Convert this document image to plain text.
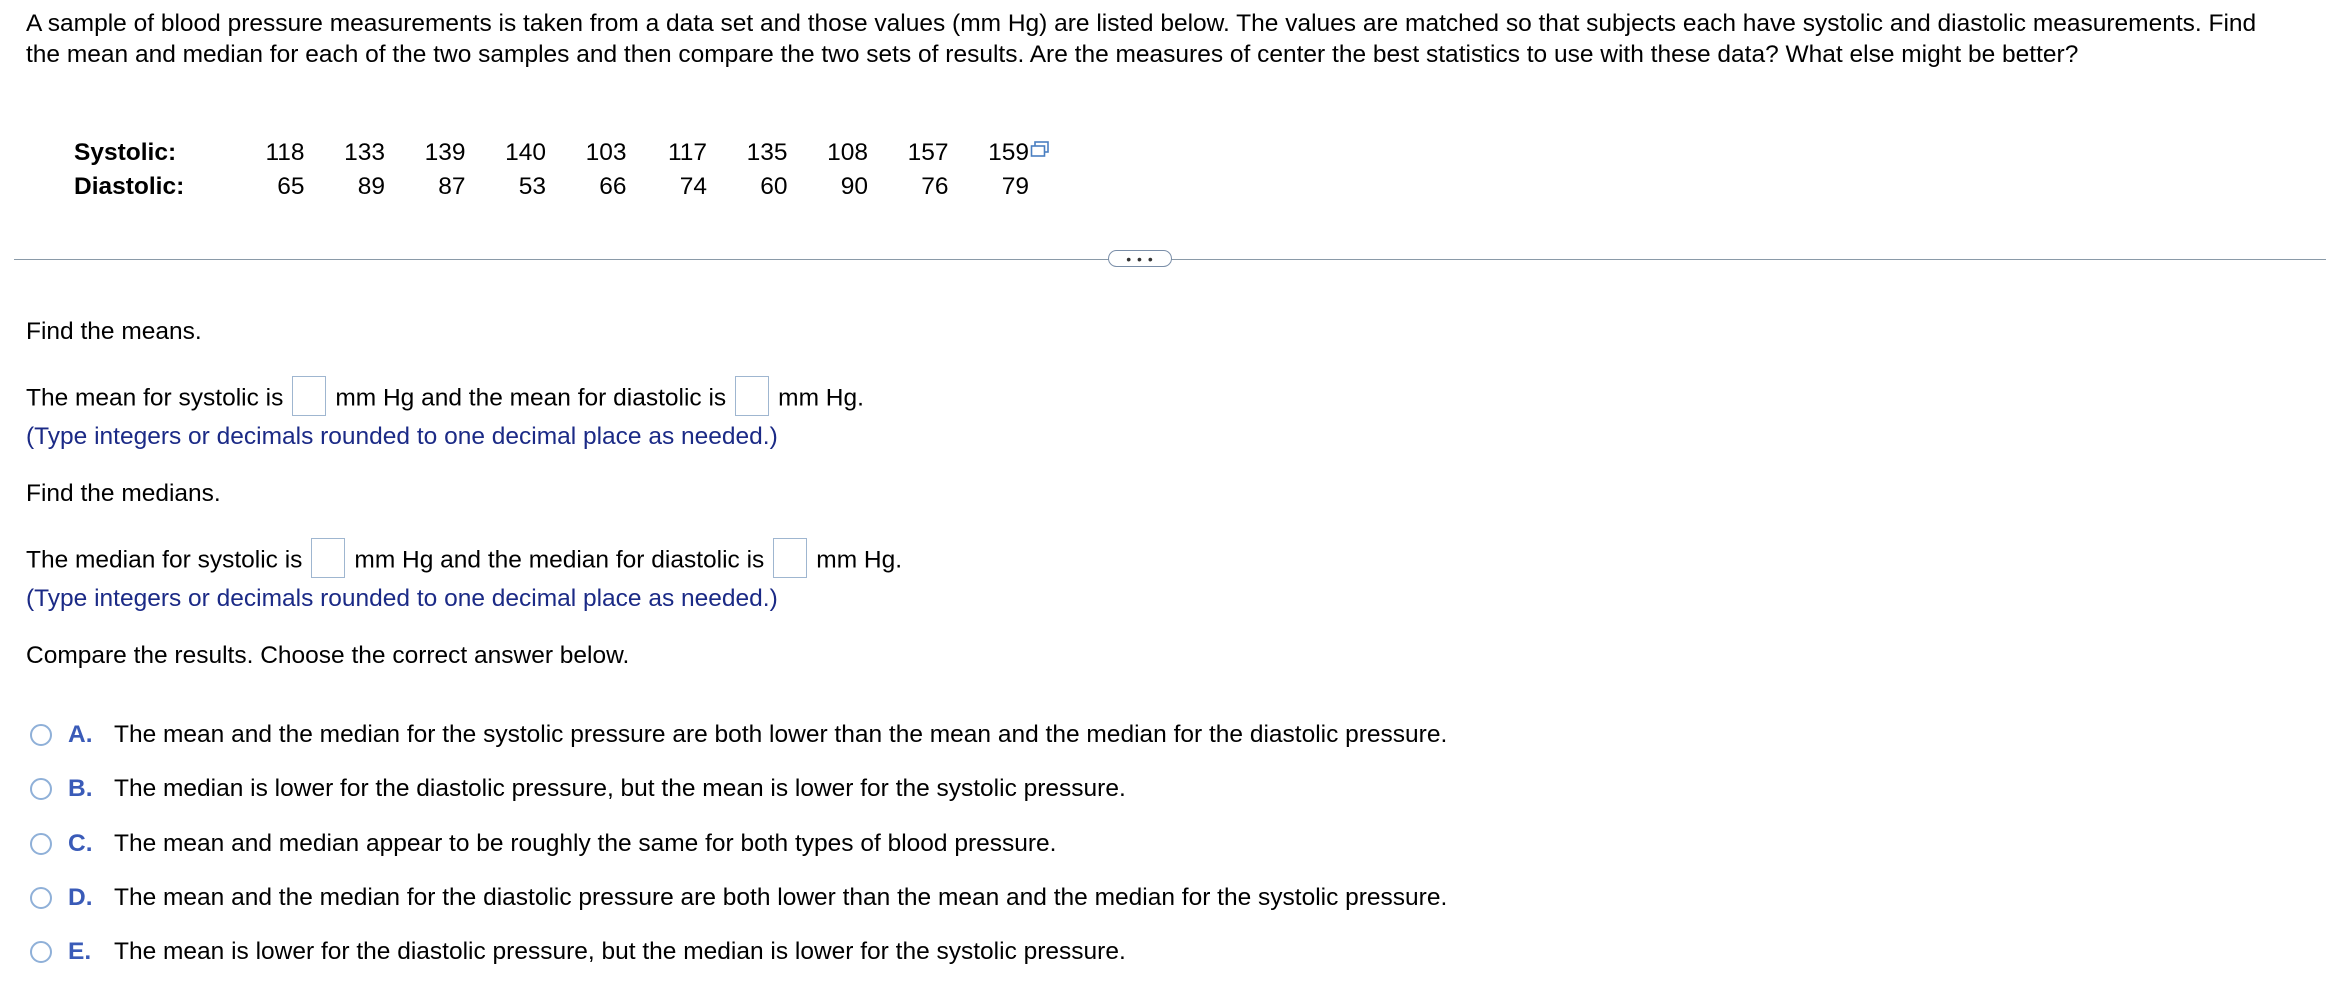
A sample of blood pressure measurements is taken from a data set and those values (mm Hg) are listed below. The values are matched so that subjects each have systolic and diastolic measurements. Find the mean and median for each of the two samples and then compare the two sets of results. Are the measures of center the best statistics to use with these data? What else might be better?

Systolic:	118	133	139	140	103	117	135	108	157	159	
Diastolic:	65	89	87	53	66	74	60	90	76	79	
• • •

Find the means.

The mean for systolic is mm Hg and the mean for diastolic is mm Hg.

(Type integers or decimals rounded to one decimal place as needed.)

Find the medians.

The median for systolic is mm Hg and the median for diastolic is mm Hg.

(Type integers or decimals rounded to one decimal place as needed.)

Compare the results. Choose the correct answer below.

A. The mean and the median for the systolic pressure are both lower than the mean and the median for the diastolic pressure.
B. The median is lower for the diastolic pressure, but the mean is lower for the systolic pressure.
C. The mean and median appear to be roughly the same for both types of blood pressure.
D. The mean and the median for the diastolic pressure are both lower than the mean and the median for the systolic pressure.
E. The mean is lower for the diastolic pressure, but the median is lower for the systolic pressure.
